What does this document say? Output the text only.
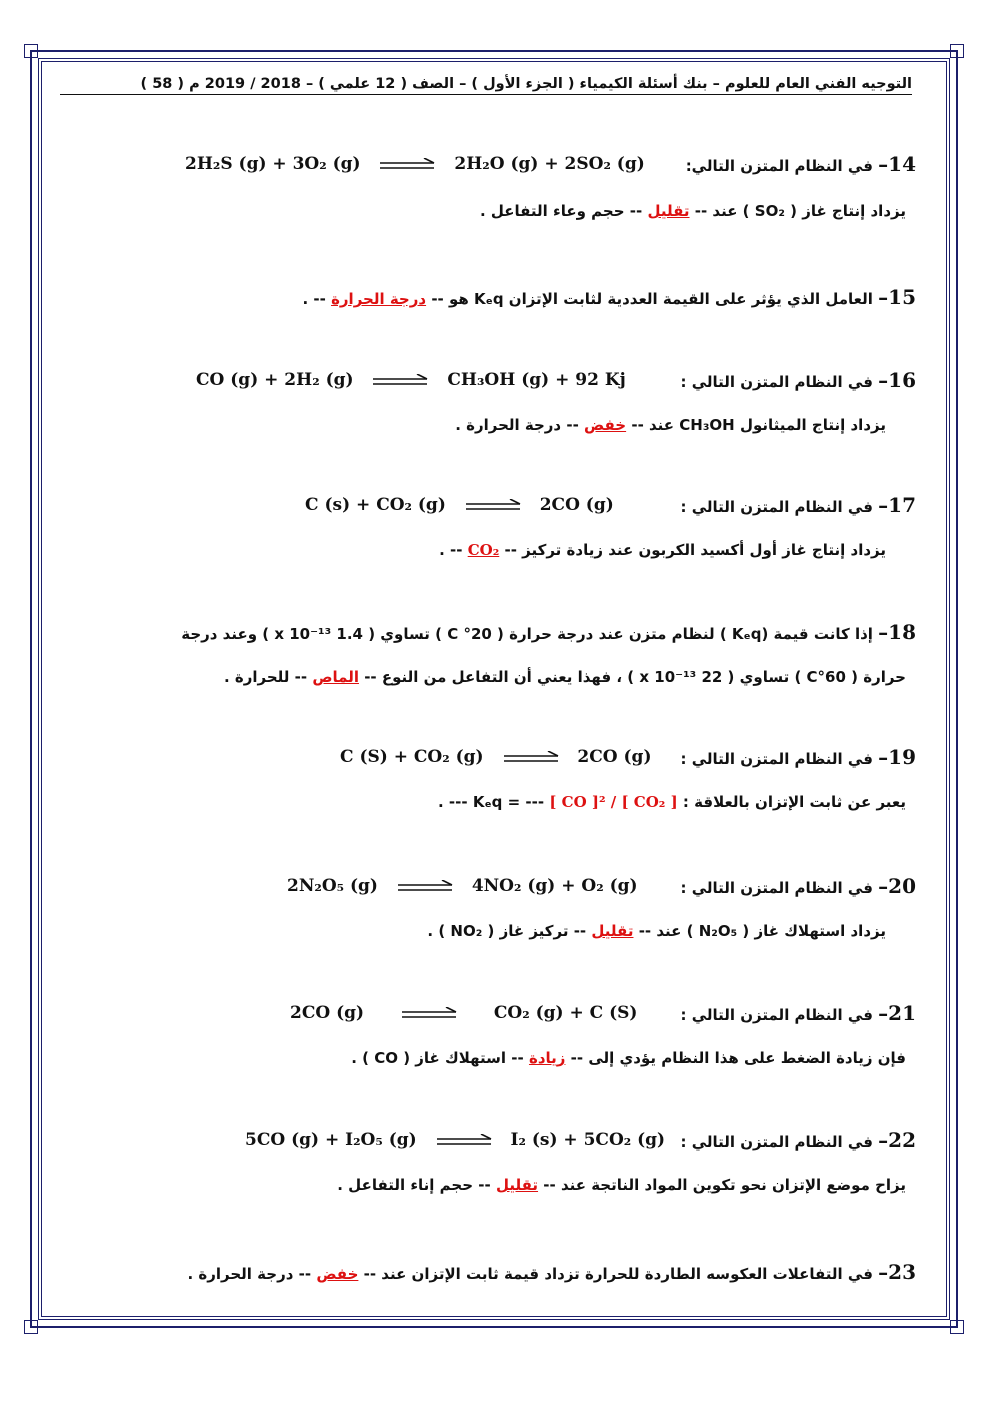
التوجيه الفني العام للعلوم – بنك أسئلة الكيمياء ( الجزء الأول ) – الصف ( 12 علمي ) – 2018 / 2019 م ( 58 )
14– في النظام المتزن التالي:
يزداد إنتاج غاز ( SO₂ ) عند -- تقليل -- حجم وعاء التفاعل .
2H₂S (g) + 3O₂ (g)	2H₂O (g) + 2SO₂ (g)
15– العامل الذي يؤثر على القيمة العددية لثابت الإتزان Kₑq هو -- درجة الحرارة -- .
16– في النظام المتزن التالي :
يزداد إنتاج الميثانول CH₃OH عند -- خفض -- درجة الحرارة .
CO (g) + 2H₂ (g)	CH₃OH (g) + 92 Kj
17– في النظام المتزن التالي :
يزداد إنتاج غاز أول أكسيد الكربون عند زيادة تركيز -- CO₂ -- .
C (s) + CO₂ (g)	2CO (g)
18– إذا كانت قيمة (Kₑq ) لنظام متزن عند درجة حرارة ( 20° C ) تساوي ( 1.4 x 10⁻¹³ ) وعند درجة
حرارة ( 60°C ) تساوي ( 22 x 10⁻¹³ ) ، فهذا يعني أن التفاعل من النوع -- الماص -- للحرارة .
19– في النظام المتزن التالي :
يعبر عن ثابت الإتزان بالعلاقة : Kₑq = --- [ CO ]² / [ CO₂ ] --- .
C (S) + CO₂ (g)	2CO (g)
20– في النظام المتزن التالي :
يزداد استهلاك غاز ( N₂O₅ ) عند -- تقليل -- تركيز غاز ( NO₂ ) .
2N₂O₅ (g)	4NO₂ (g) + O₂ (g)
21– في النظام المتزن التالي :
فإن زيادة الضغط على هذا النظام يؤدي إلى -- زيادة -- استهلاك غاز ( CO ) .
2CO (g)	CO₂ (g) + C (S)
22– في النظام المتزن التالي :
يزاح موضع الإتزان نحو تكوين المواد الناتجة عند -- تقليل -- حجم إناء التفاعل .
5CO (g) + I₂O₅ (g)	I₂ (s) + 5CO₂ (g)
23– في التفاعلات العكوسه الطاردة للحرارة تزداد قيمة ثابت الإتزان عند -- خفض -- درجة الحرارة .
